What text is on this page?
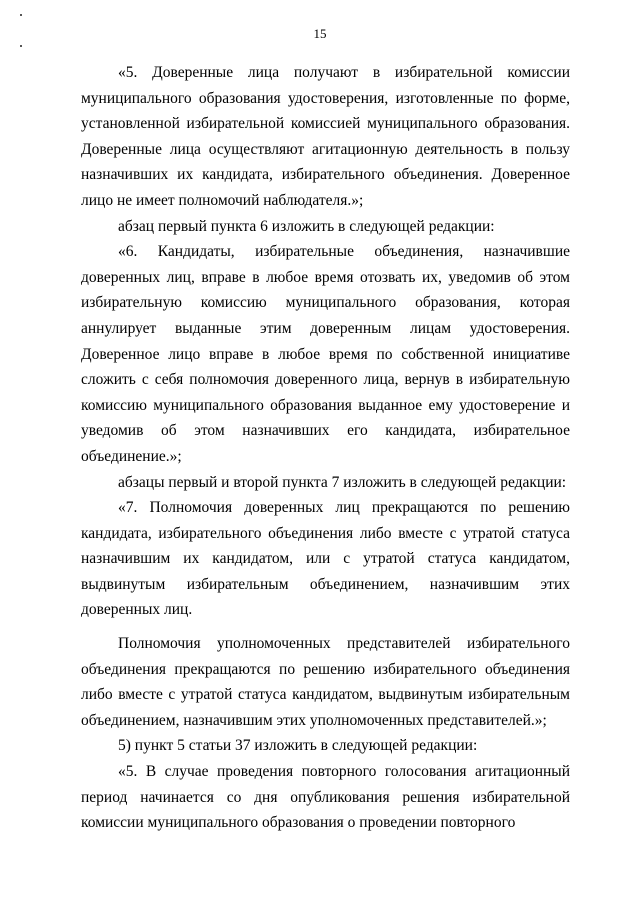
15

«5. Доверенные лица получают в избирательной комиссии муниципального образования удостоверения, изготовленные по форме, установленной избирательной комиссией муниципального образования. Доверенные лица осуществляют агитационную деятельность в пользу назначивших их кандидата, избирательного объединения. Доверенное лицо не имеет полномочий наблюдателя.»;

абзац первый пункта 6 изложить в следующей редакции:

«6. Кандидаты, избирательные объединения, назначившие доверенных лиц, вправе в любое время отозвать их, уведомив об этом избирательную комиссию муниципального образования, которая аннулирует выданные этим доверенным лицам удостоверения. Доверенное лицо вправе в любое время по собственной инициативе сложить с себя полномочия доверенного лица, вернув в избирательную комиссию муниципального образования выданное ему удостоверение и уведомив об этом назначивших его кандидата, избирательное объединение.»;

абзацы первый и второй пункта 7 изложить в следующей редакции:

«7. Полномочия доверенных лиц прекращаются по решению кандидата, избирательного объединения либо вместе с утратой статуса назначившим их кандидатом, или с утратой статуса кандидатом, выдвинутым избирательным объединением, назначившим этих доверенных лиц.

Полномочия уполномоченных представителей избирательного объединения прекращаются по решению избирательного объединения либо вместе с утратой статуса кандидатом, выдвинутым избирательным объединением, назначившим этих уполномоченных представителей.»;

5) пункт 5 статьи 37 изложить в следующей редакции:

«5. В случае проведения повторного голосования агитационный период начинается со дня опубликования решения избирательной комиссии муниципального образования о проведении повторного
